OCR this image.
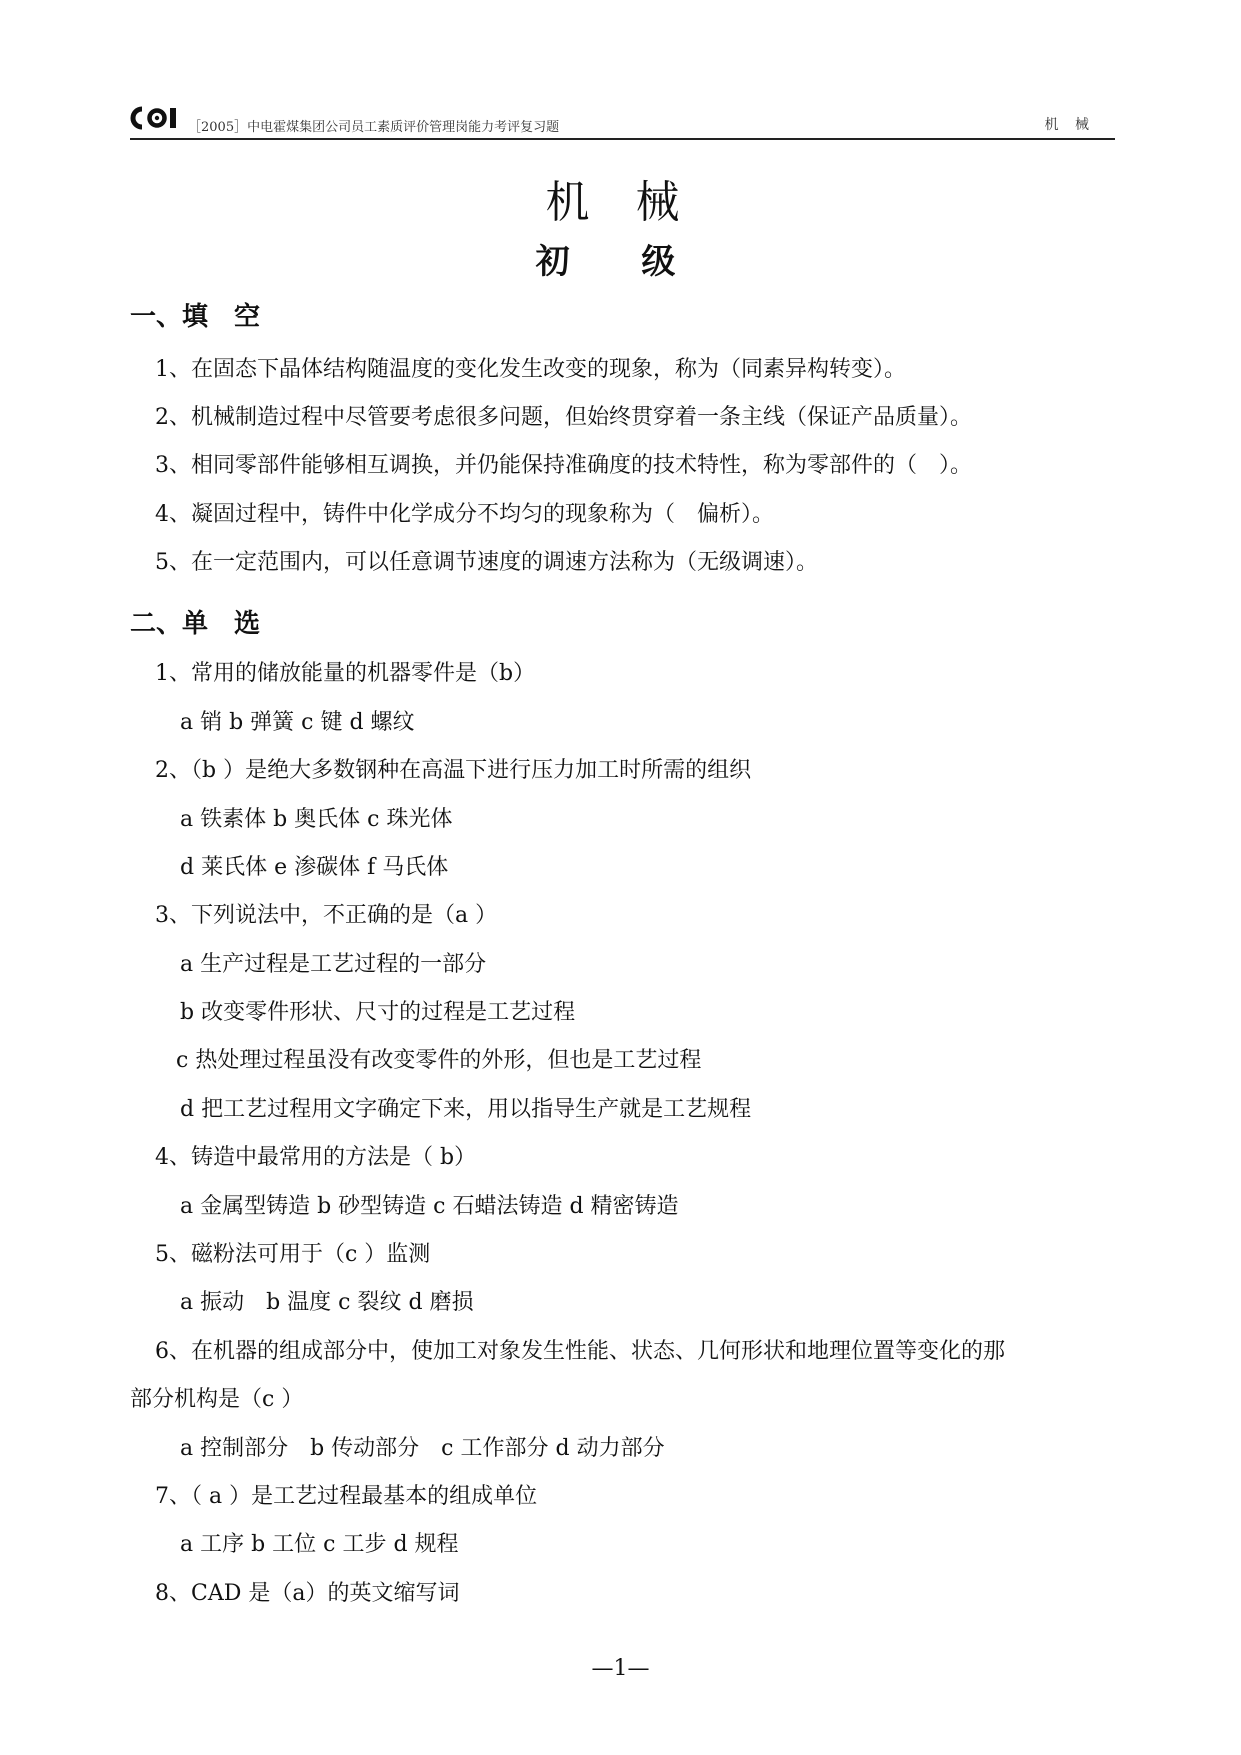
［2005］中电霍煤集团公司员工素质评价管理岗能力考评复习题	机 械
机 械
初 级
一、填　空
1、在固态下晶体结构随温度的变化发生改变的现象，称为（同素异构转变）。
2、机械制造过程中尽管要考虑很多问题，但始终贯穿着一条主线（保证产品质量）。
3、相同零部件能够相互调换，并仍能保持准确度的技术特性，称为零部件的（　）。
4、凝固过程中，铸件中化学成分不均匀的现象称为（　偏析）。
5、在一定范围内，可以任意调节速度的调速方法称为（无级调速）。
二、单　选
1、常用的储放能量的机器零件是（b）
a 销 b 弹簧 c 键 d 螺纹
2、（b ）是绝大多数钢种在高温下进行压力加工时所需的组织
a 铁素体 b 奥氏体 c 珠光体
d 莱氏体 e 渗碳体 f 马氏体
3、下列说法中，不正确的是（a ）
a 生产过程是工艺过程的一部分
b 改变零件形状、尺寸的过程是工艺过程
c 热处理过程虽没有改变零件的外形，但也是工艺过程
d 把工艺过程用文字确定下来，用以指导生产就是工艺规程
4、铸造中最常用的方法是（ b）
a 金属型铸造 b 砂型铸造 c 石蜡法铸造 d 精密铸造
5、磁粉法可用于（c ）监测
a 振动　b 温度 c 裂纹 d 磨损
6、在机器的组成部分中，使加工对象发生性能、状态、几何形状和地理位置等变化的那
部分机构是（c ）
a 控制部分　b 传动部分　c 工作部分 d 动力部分
7、（ a ）是工艺过程最基本的组成单位
a 工序 b 工位 c 工步 d 规程
8、CAD 是（a）的英文缩写词
—1—
